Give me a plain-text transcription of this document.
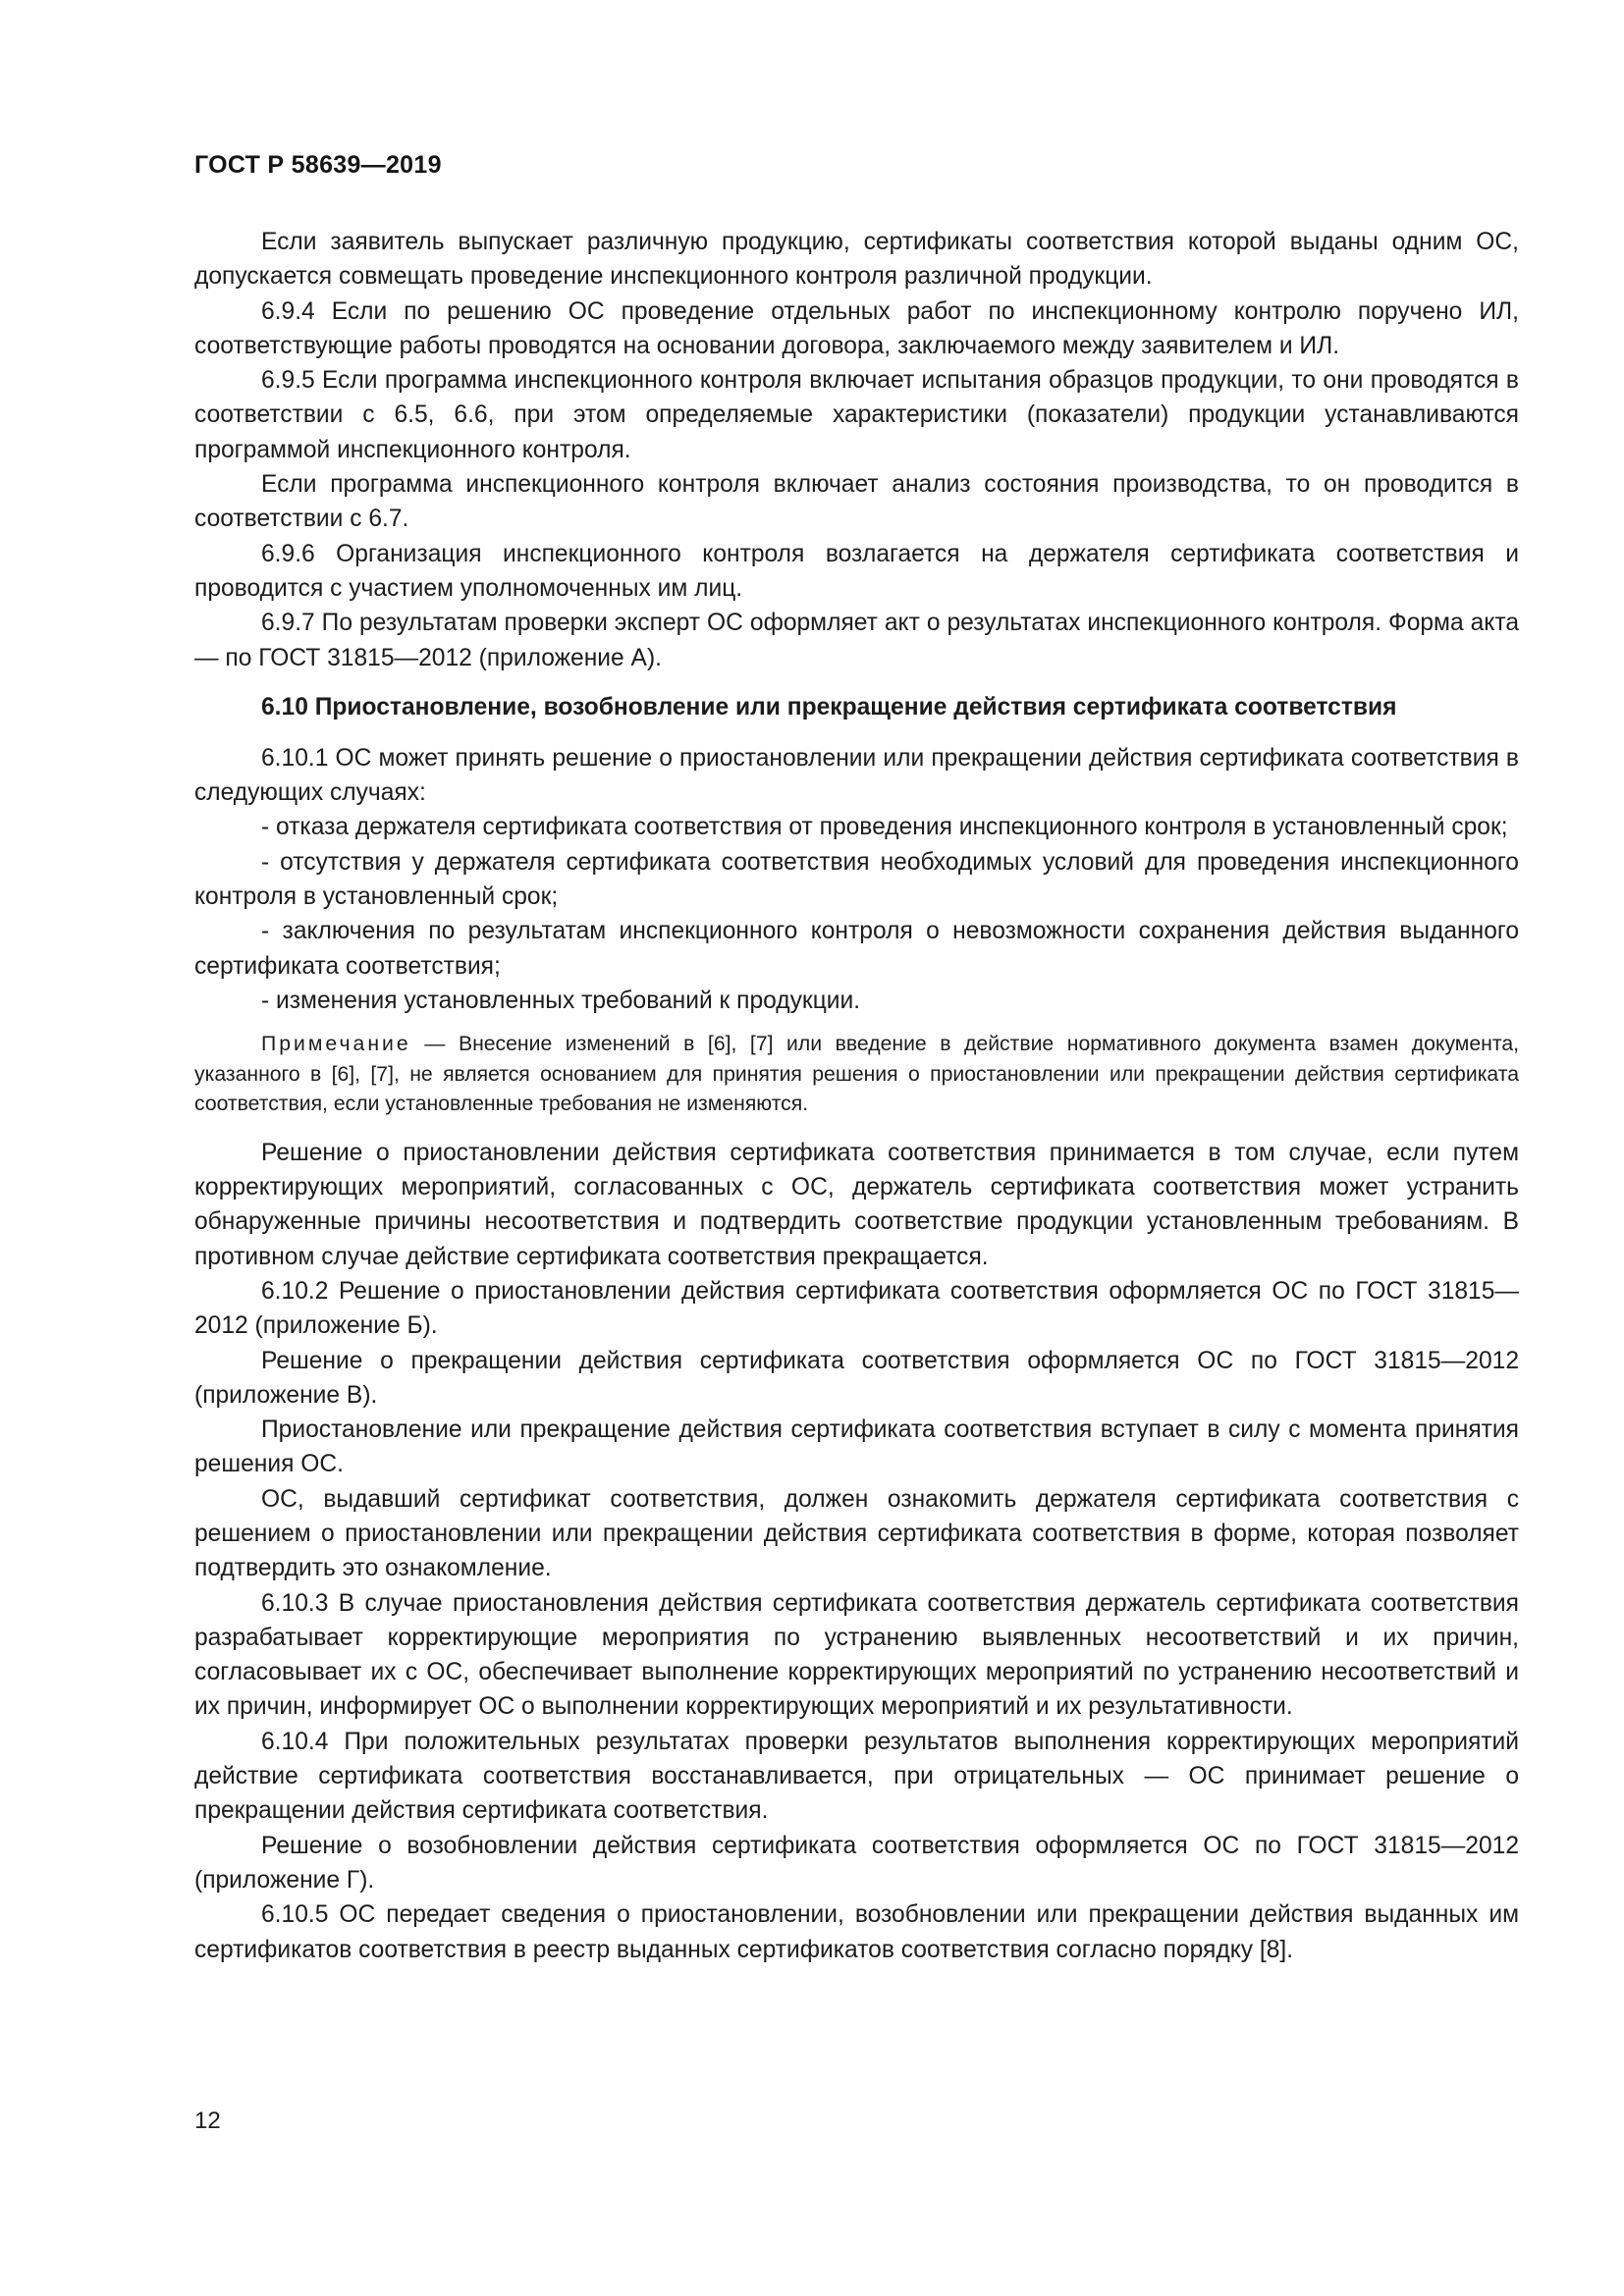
ГОСТ Р 58639—2019

Если заявитель выпускает различную продукцию, сертификаты соответствия которой выданы одним ОС, допускается совмещать проведение инспекционного контроля различной продукции.

6.9.4 Если по решению ОС проведение отдельных работ по инспекционному контролю поручено ИЛ, соответствующие работы проводятся на основании договора, заключаемого между заявителем и ИЛ.

6.9.5 Если программа инспекционного контроля включает испытания образцов продукции, то они проводятся в соответствии с 6.5, 6.6, при этом определяемые характеристики (показатели) продукции устанавливаются программой инспекционного контроля.

Если программа инспекционного контроля включает анализ состояния производства, то он проводится в соответствии с 6.7.

6.9.6 Организация инспекционного контроля возлагается на держателя сертификата соответствия и проводится с участием уполномоченных им лиц.

6.9.7 По результатам проверки эксперт ОС оформляет акт о результатах инспекционного контроля. Форма акта — по ГОСТ 31815—2012 (приложение А).

6.10 Приостановление, возобновление или прекращение действия сертификата соответствия

6.10.1 ОС может принять решение о приостановлении или прекращении действия сертификата соответствия в следующих случаях:

- отказа держателя сертификата соответствия от проведения инспекционного контроля в установленный срок;

- отсутствия у держателя сертификата соответствия необходимых условий для проведения инспекционного контроля в установленный срок;

- заключения по результатам инспекционного контроля о невозможности сохранения действия выданного сертификата соответствия;

- изменения установленных требований к продукции.

Примечание — Внесение изменений в [6], [7] или введение в действие нормативного документа взамен документа, указанного в [6], [7], не является основанием для принятия решения о приостановлении или прекращении действия сертификата соответствия, если установленные требования не изменяются.

Решение о приостановлении действия сертификата соответствия принимается в том случае, если путем корректирующих мероприятий, согласованных с ОС, держатель сертификата соответствия может устранить обнаруженные причины несоответствия и подтвердить соответствие продукции установленным требованиям. В противном случае действие сертификата соответствия прекращается.

6.10.2 Решение о приостановлении действия сертификата соответствия оформляется ОС по ГОСТ 31815—2012 (приложение Б).

Решение о прекращении действия сертификата соответствия оформляется ОС по ГОСТ 31815—2012 (приложение В).

Приостановление или прекращение действия сертификата соответствия вступает в силу с момента принятия решения ОС.

ОС, выдавший сертификат соответствия, должен ознакомить держателя сертификата соответствия с решением о приостановлении или прекращении действия сертификата соответствия в форме, которая позволяет подтвердить это ознакомление.

6.10.3 В случае приостановления действия сертификата соответствия держатель сертификата соответствия разрабатывает корректирующие мероприятия по устранению выявленных несоответствий и их причин, согласовывает их с ОС, обеспечивает выполнение корректирующих мероприятий по устранению несоответствий и их причин, информирует ОС о выполнении корректирующих мероприятий и их результативности.

6.10.4 При положительных результатах проверки результатов выполнения корректирующих мероприятий действие сертификата соответствия восстанавливается, при отрицательных — ОС принимает решение о прекращении действия сертификата соответствия.

Решение о возобновлении действия сертификата соответствия оформляется ОС по ГОСТ 31815—2012 (приложение Г).

6.10.5 ОС передает сведения о приостановлении, возобновлении или прекращении действия выданных им сертификатов соответствия в реестр выданных сертификатов соответствия согласно порядку [8].

12
